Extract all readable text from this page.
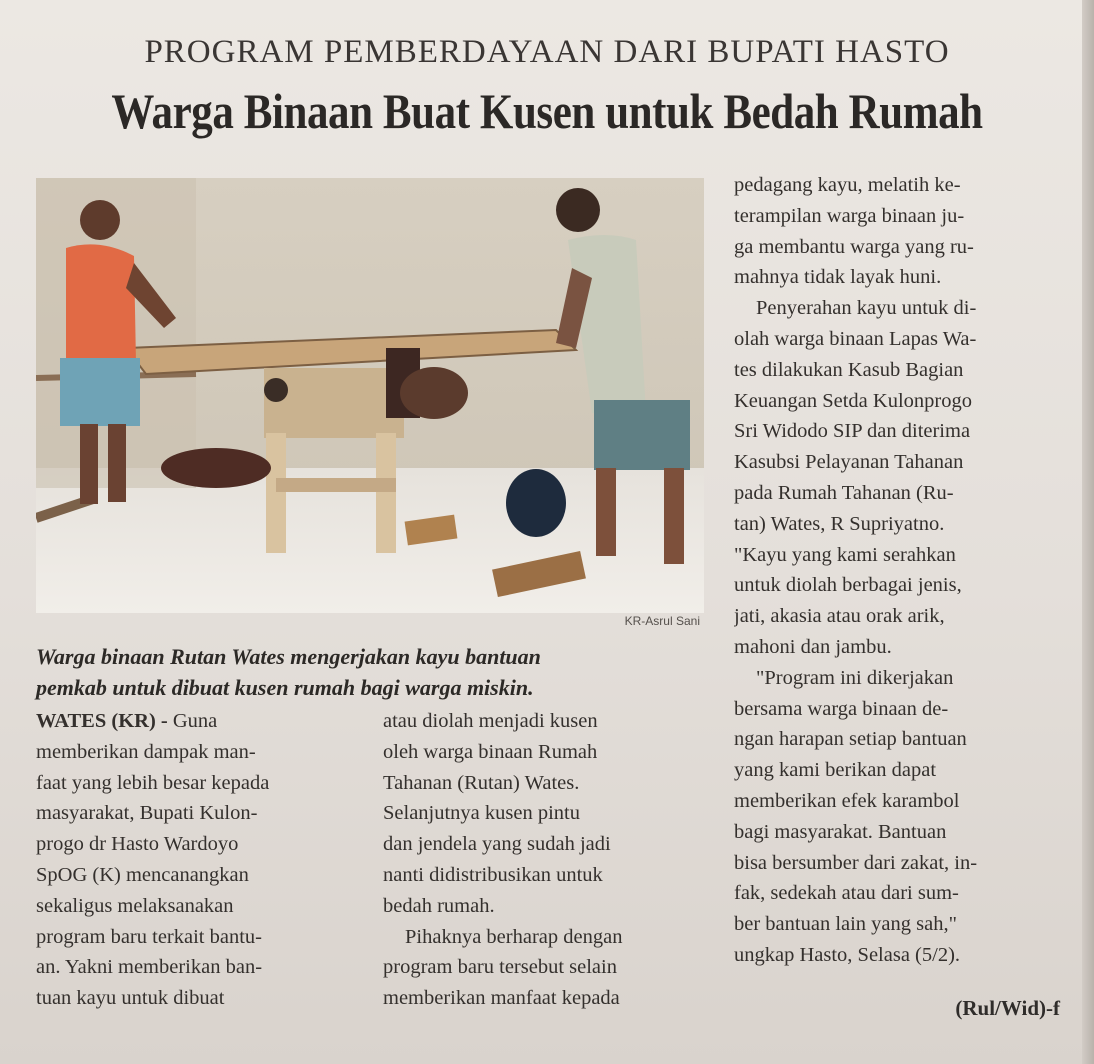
PROGRAM PEMBERDAYAAN DARI BUPATI HASTO
Warga Binaan Buat Kusen untuk Bedah Rumah
KR-Asrul Sani
Warga binaan Rutan Wates mengerjakan kayu bantuan
pemkab untuk dibuat kusen rumah bagi warga miskin.
WATES (KR) - Guna
memberikan dampak man-
faat yang lebih besar kepada
masyarakat, Bupati Kulon-
progo dr Hasto Wardoyo
SpOG (K) mencanangkan
sekaligus melaksanakan
program baru terkait bantu-
an. Yakni memberikan ban-
tuan kayu untuk dibuat
atau diolah menjadi kusen
oleh warga binaan Rumah
Tahanan (Rutan) Wates.
Selanjutnya kusen pintu
dan jendela yang sudah jadi
nanti didistribusikan untuk
bedah rumah.
Pihaknya berharap dengan
program baru tersebut selain
memberikan manfaat kepada
pedagang kayu, melatih ke-
terampilan warga binaan ju-
ga membantu warga yang ru-
mahnya tidak layak huni.
Penyerahan kayu untuk di-
olah warga binaan Lapas Wa-
tes dilakukan Kasub Bagian
Keuangan Setda Kulonprogo
Sri Widodo SIP dan diterima
Kasubsi Pelayanan Tahanan
pada Rumah Tahanan (Ru-
tan) Wates, R Supriyatno.
"Kayu yang kami serahkan
untuk diolah berbagai jenis,
jati, akasia atau orak arik,
mahoni dan jambu.
"Program ini dikerjakan
bersama warga binaan de-
ngan harapan setiap bantuan
yang kami berikan dapat
memberikan efek karambol
bagi masyarakat. Bantuan
bisa bersumber dari zakat, in-
fak, sedekah atau dari sum-
ber bantuan lain yang sah,"
ungkap Hasto, Selasa (5/2).
(Rul/Wid)-f
